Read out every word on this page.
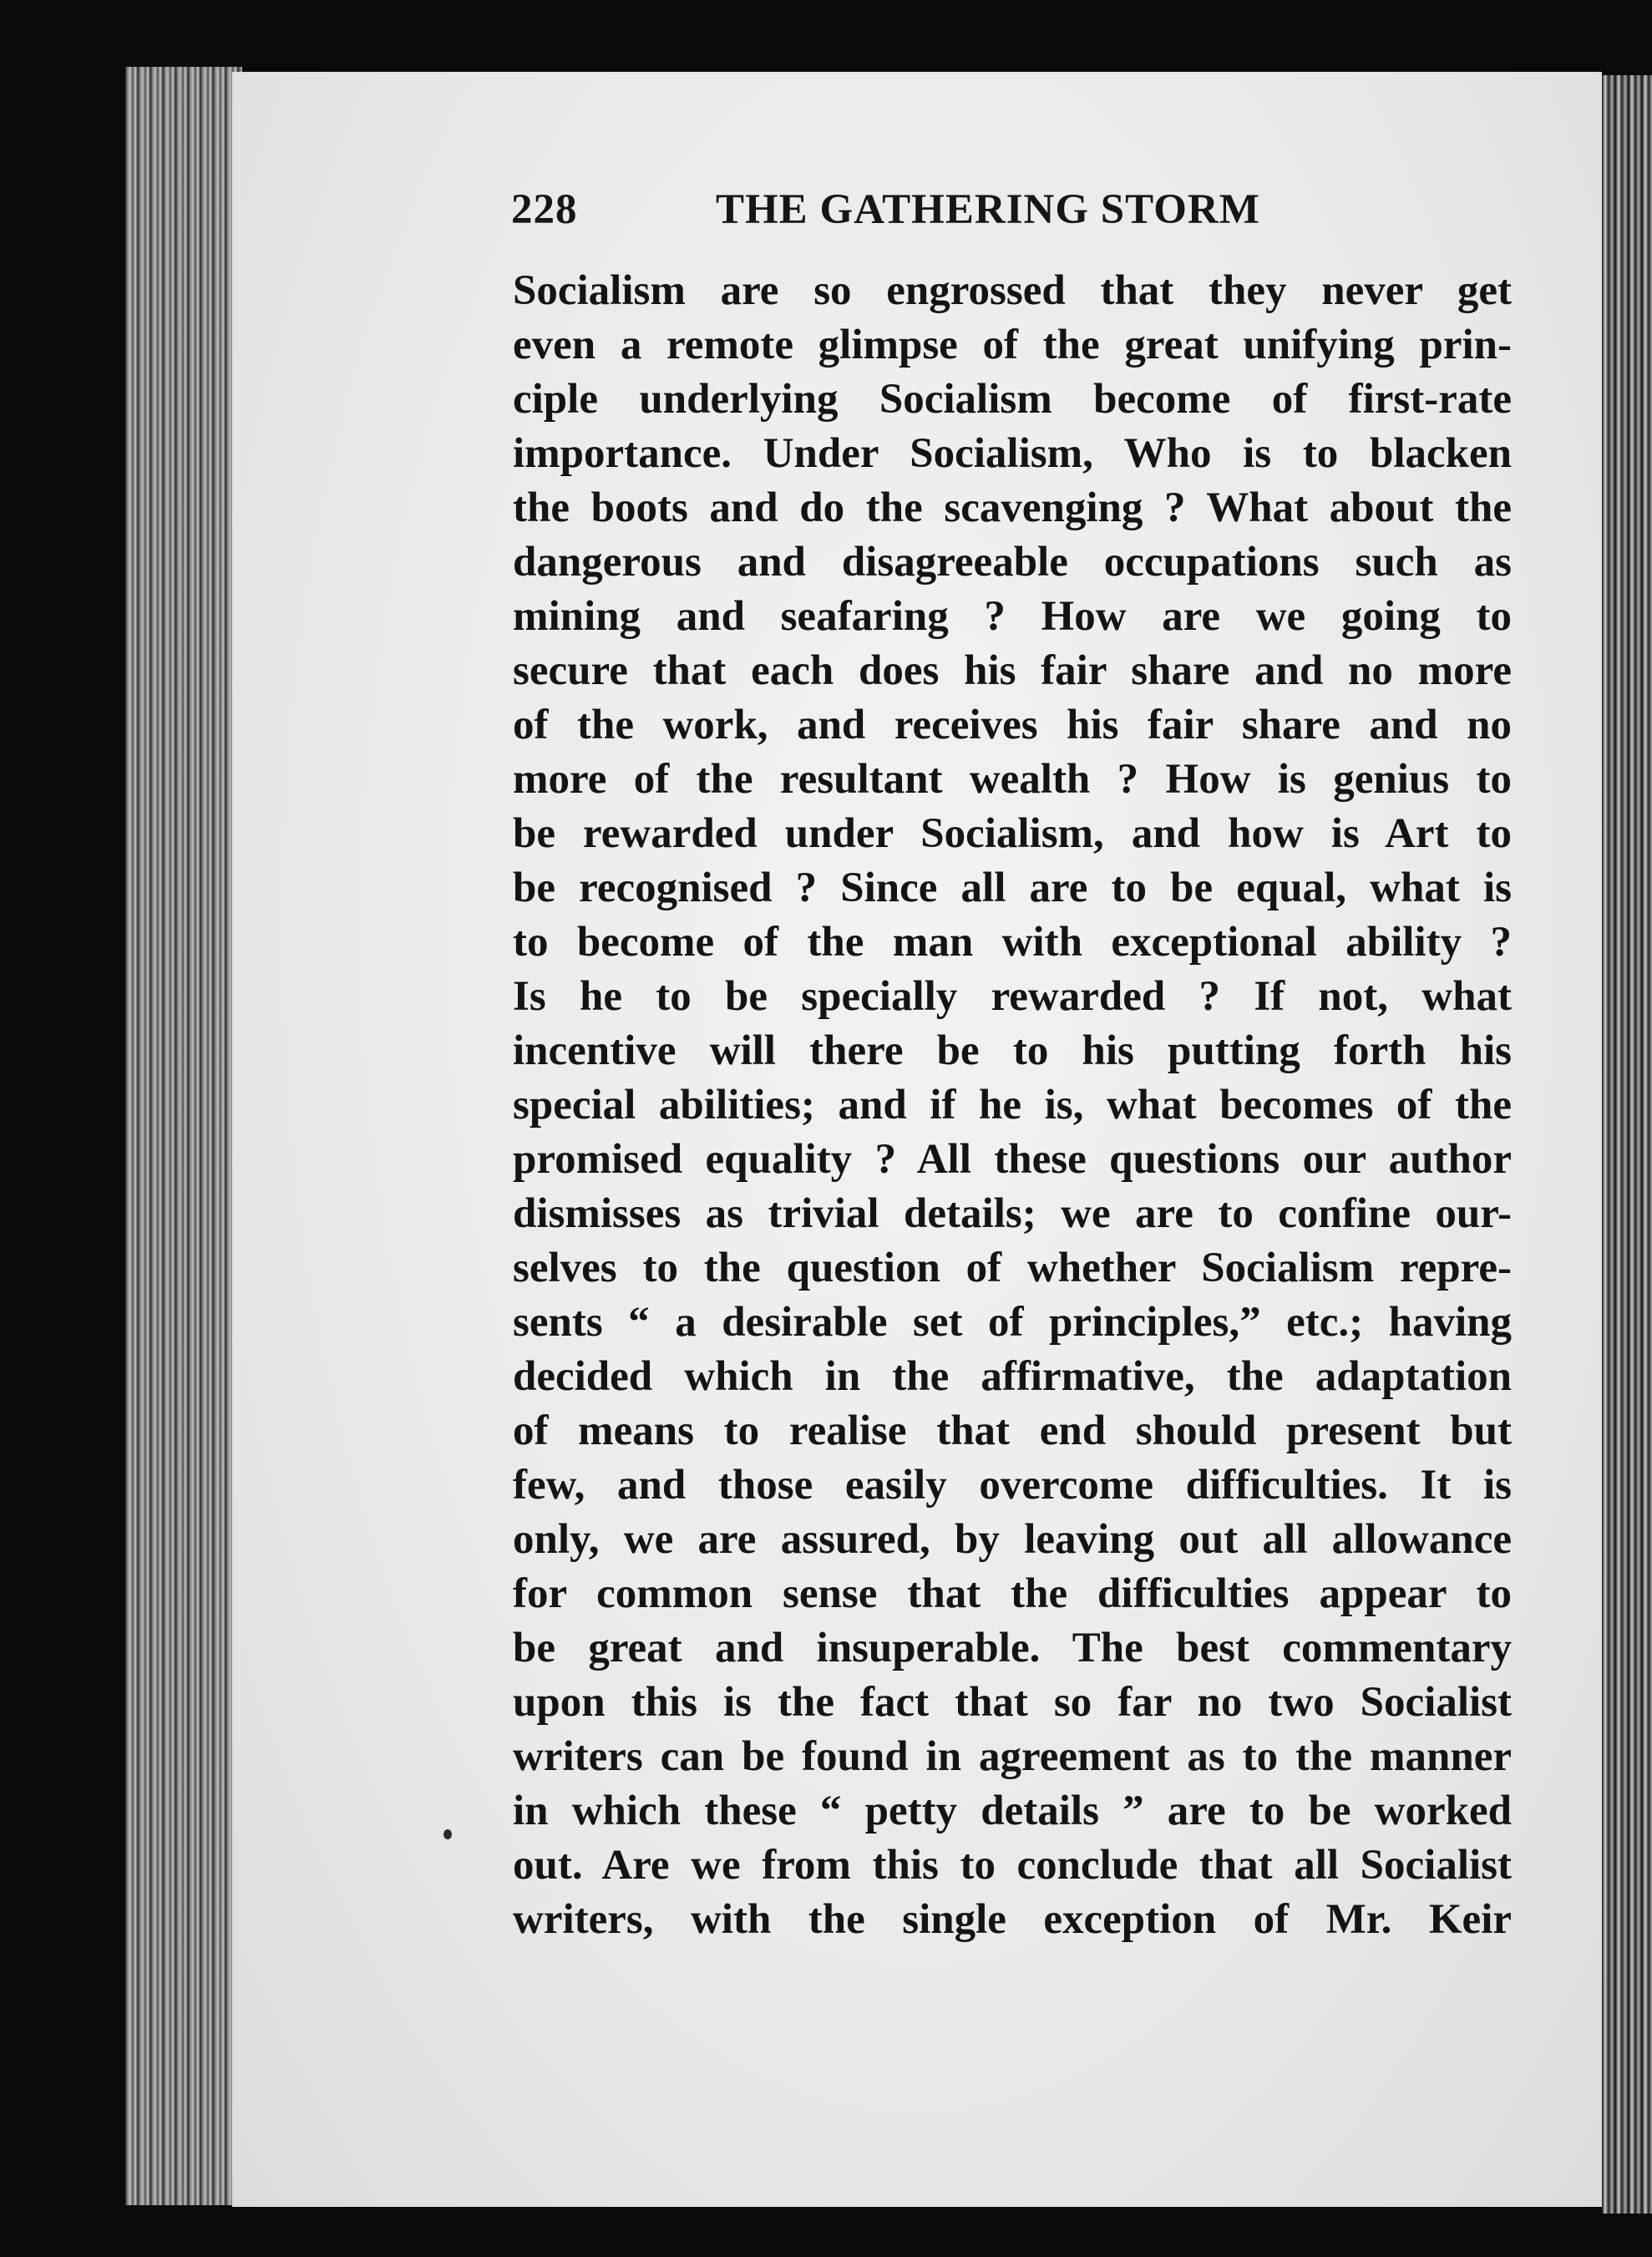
228	THE GATHERING STORM
Socialism are so engrossed that they never get
even a remote glimpse of the great unifying prin-
ciple underlying Socialism become of first-rate
importance. Under Socialism, Who is to blacken
the boots and do the scavenging ? What about the
dangerous and disagreeable occupations such as
mining and seafaring ? How are we going to
secure that each does his fair share and no more
of the work, and receives his fair share and no
more of the resultant wealth ? How is genius to
be rewarded under Socialism, and how is Art to
be recognised ? Since all are to be equal, what is
to become of the man with exceptional ability ?
Is he to be specially rewarded ? If not, what
incentive will there be to his putting forth his
special abilities; and if he is, what becomes of the
promised equality ? All these questions our author
dismisses as trivial details; we are to confine our-
selves to the question of whether Socialism repre-
sents “ a desirable set of principles,” etc.; having
decided which in the affirmative, the adaptation
of means to realise that end should present but
few, and those easily overcome difficulties. It is
only, we are assured, by leaving out all allowance
for common sense that the difficulties appear to
be great and insuperable. The best commentary
upon this is the fact that so far no two Socialist
writers can be found in agreement as to the manner
in which these “ petty details ” are to be worked
out. Are we from this to conclude that all Socialist
writers, with the single exception of Mr. Keir
